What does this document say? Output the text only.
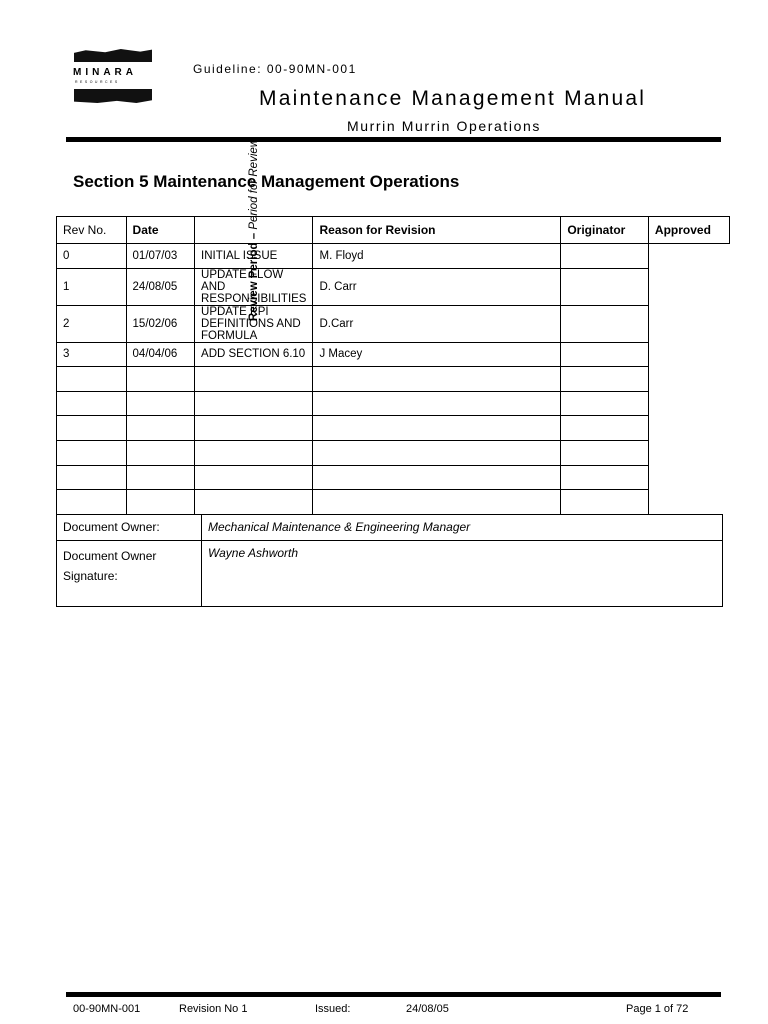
MINARA
RESOURCES
Guideline: 00-90MN-001
Maintenance Management Manual
Murrin Murrin Operations
Section 5 Maintenance Management Operations
Rev No.	Date	Review Period – Period for Review	Reason for Revision	Originator	Approved
0	01/07/03	INITIAL ISSUE	M. Floyd		
1	24/08/05	UPDATE FLOW AND RESPONSIBILITIES	D. Carr		
2	15/02/06	UPDATE KPI DEFINITIONS AND FORMULA	D.Carr		
3	04/04/06	ADD SECTION 6.10	J Macey		

Document Owner:	Mechanical Maintenance & Engineering Manager
Document Owner
Signature:	Wayne Ashworth
00-90MN-001	Revision No 1	Issued:	24/08/05	Page 1 of 72
